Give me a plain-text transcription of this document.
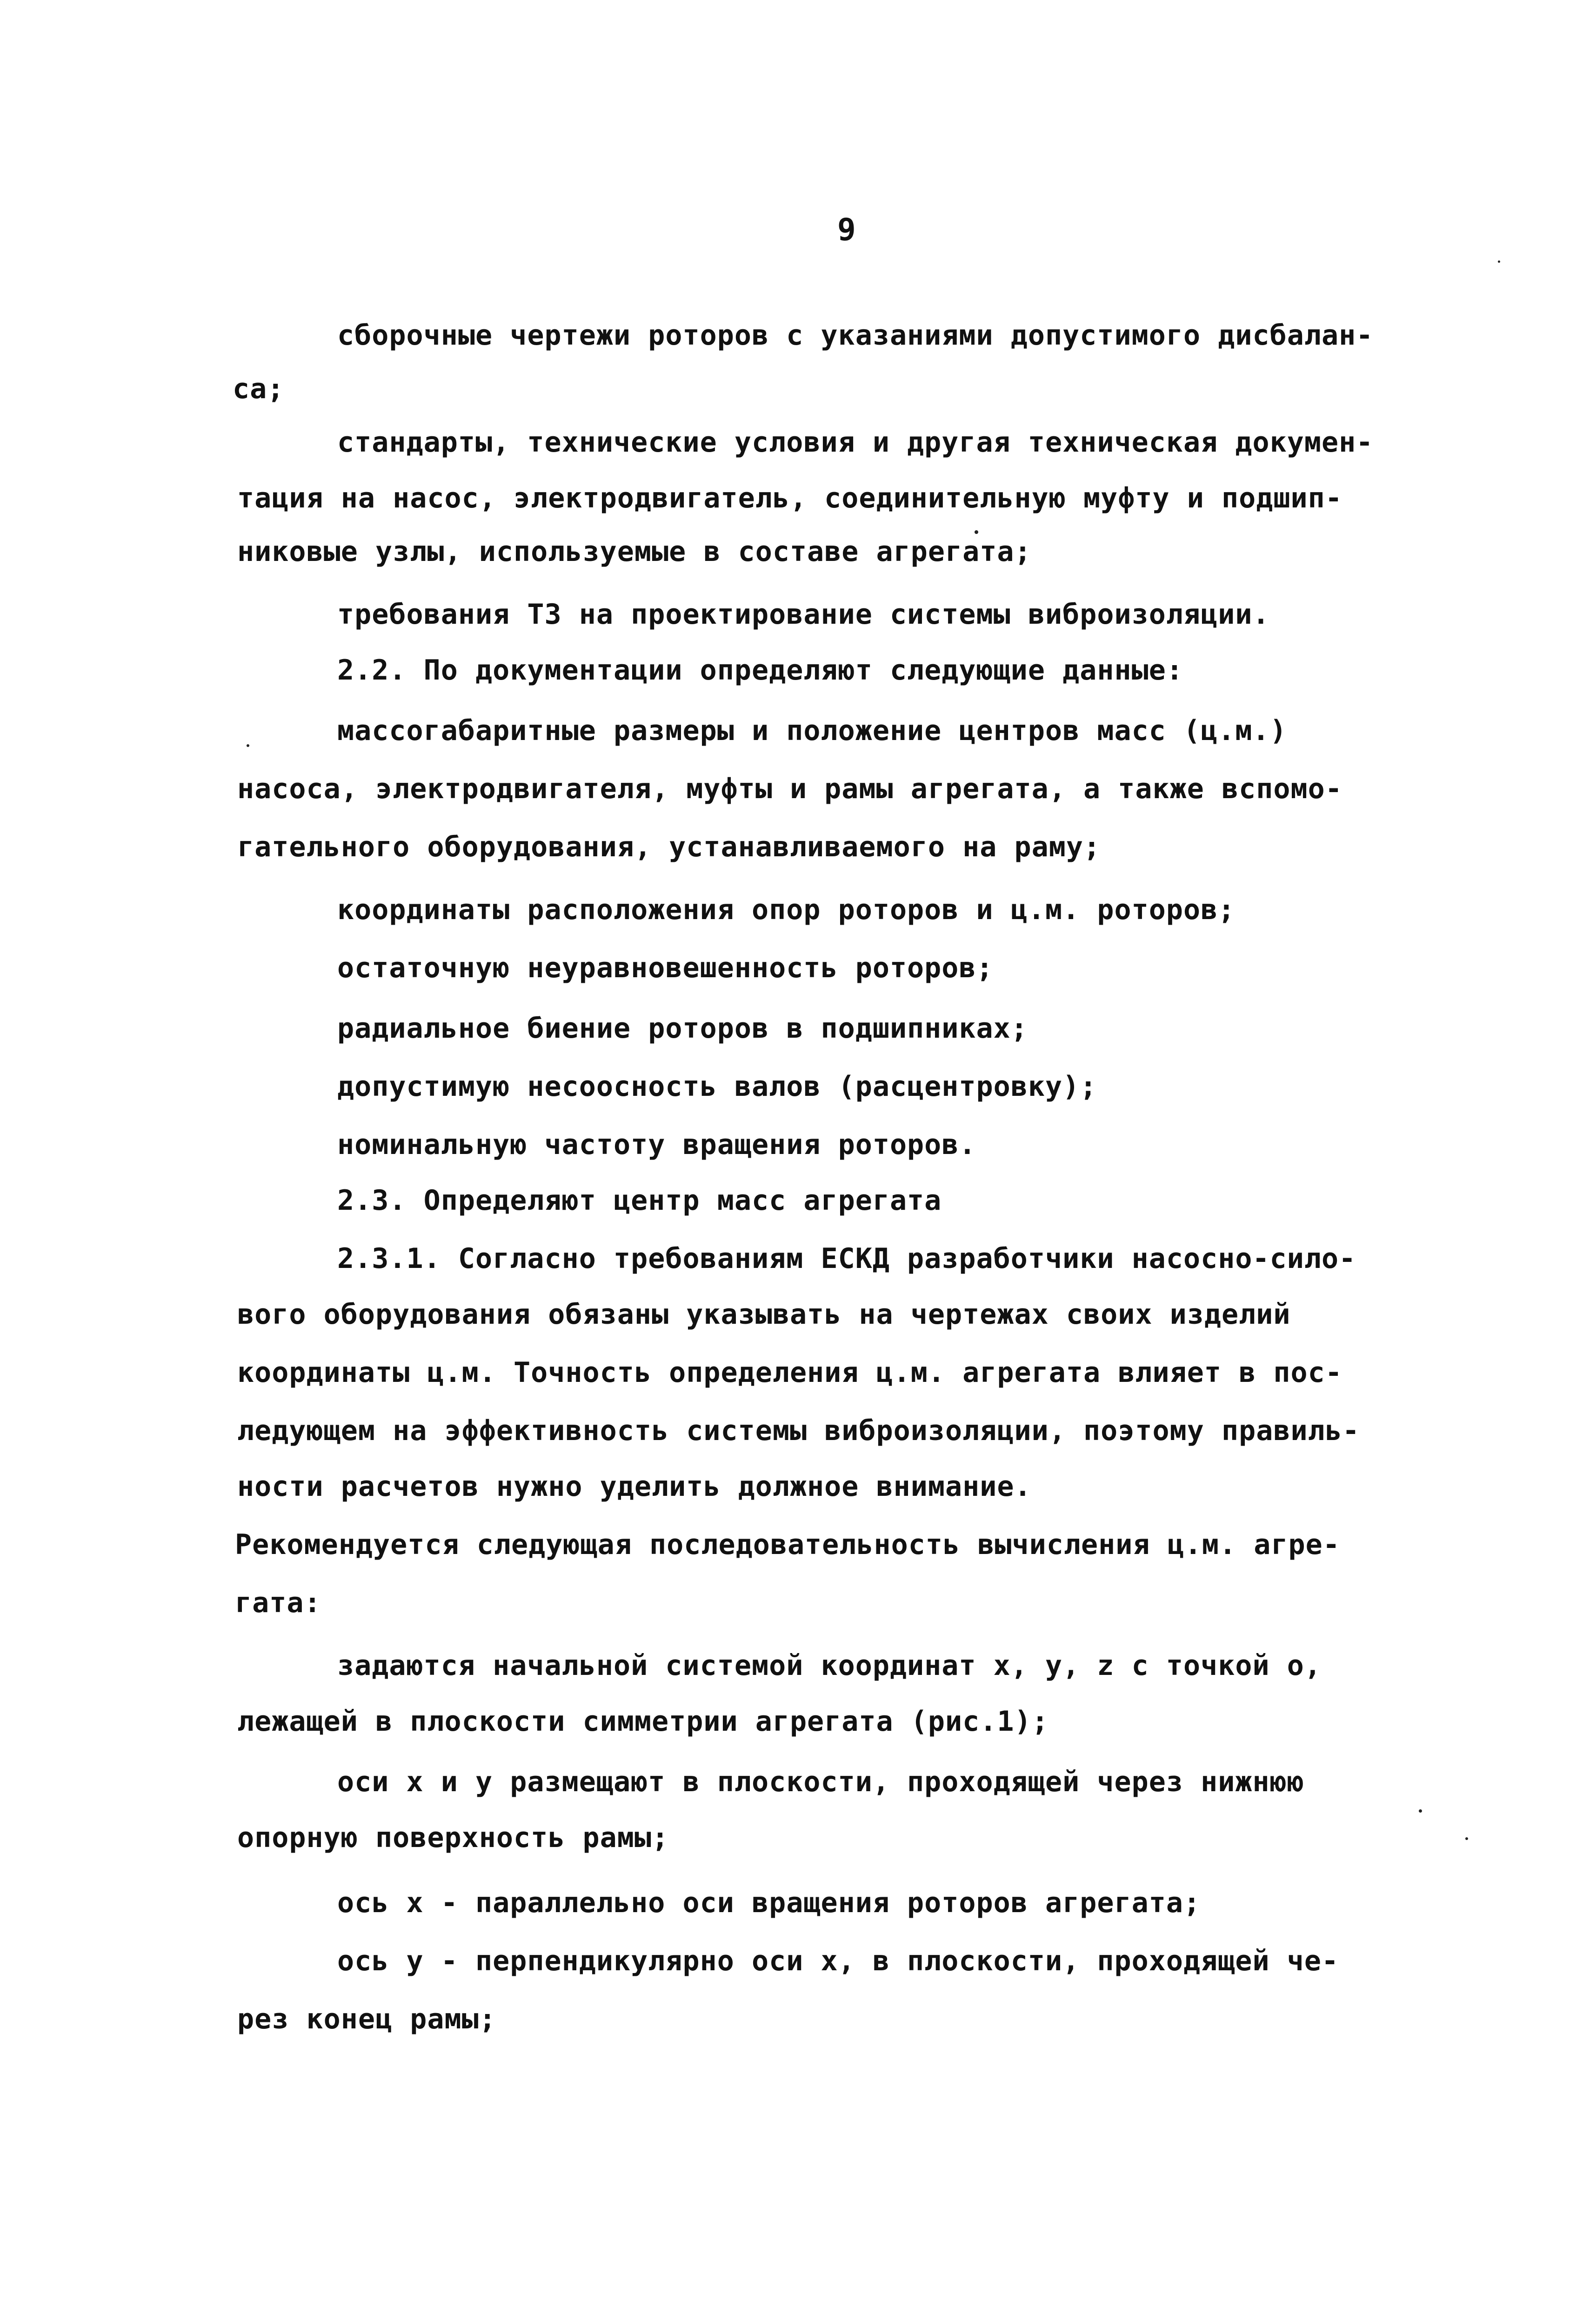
9
сборочные чертежи роторов с указаниями допустимого дисбалан-
са;
стандарты, технические условия и другая техническая докумен-
тация на насос, электродвигатель, соединительную муфту и подшип-
никовые узлы, используемые в составе агрегата;
требования ТЗ на проектирование системы виброизоляции.
2.2. По документации определяют следующие данные:
массогабаритные размеры и положение центров масс (ц.м.)
насоса, электродвигателя, муфты и рамы агрегата, а также вспомо-
гательного оборудования, устанавливаемого на раму;
координаты расположения опор роторов и ц.м. роторов;
остаточную неуравновешенность роторов;
радиальное биение роторов в подшипниках;
допустимую несоосность валов (расцентровку);
номинальную частоту вращения роторов.
2.3. Определяют центр масс агрегата
2.3.1. Согласно требованиям ЕСКД разработчики насосно-сило-
вого оборудования обязаны указывать на чертежах своих изделий
координаты ц.м. Точность определения ц.м. агрегата влияет в пос-
ледующем на эффективность системы виброизоляции, поэтому правиль-
ности расчетов нужно уделить должное внимание.
Рекомендуется следующая последовательность вычисления ц.м. агре-
гата:
задаются начальной системой координат x, y, z с точкой о,
лежащей в плоскости симметрии агрегата (рис.1);
оси x и y размещают в плоскости, проходящей через нижнюю
опорную поверхность рамы;
ось x - параллельно оси вращения роторов агрегата;
ось y - перпендикулярно оси x, в плоскости, проходящей че-
рез конец рамы;
